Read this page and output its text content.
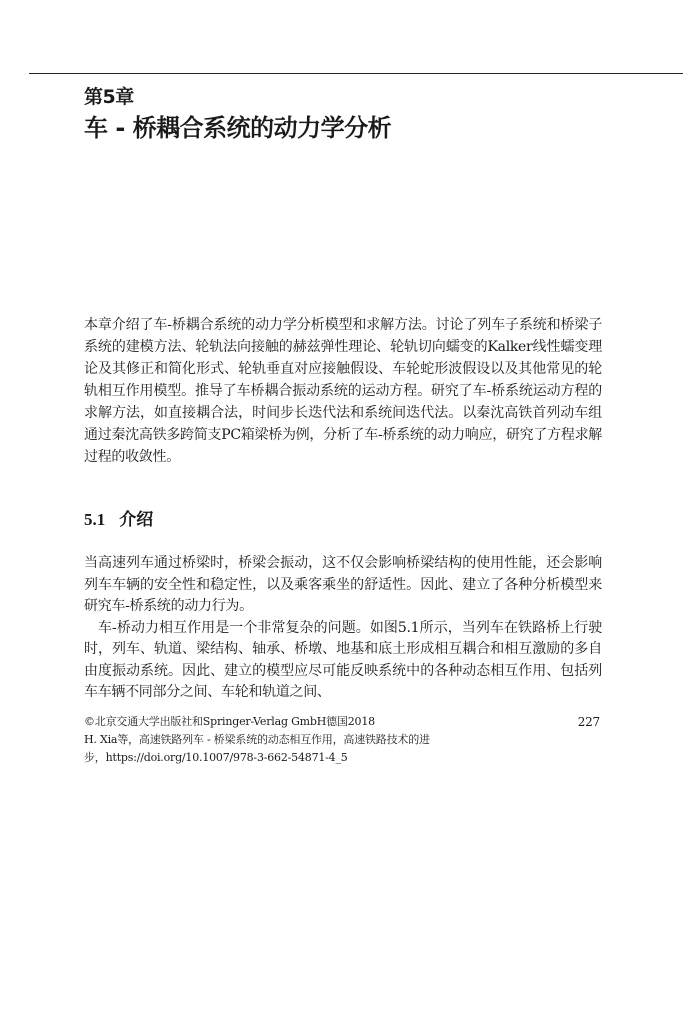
第5章
车 - 桥耦合系统的动力学分析

本章介绍了车-桥耦合系统的动力学分析模型和求解方法。讨论了列车子系统和桥梁子系统的建模方法、轮轨法向接触的赫兹弹性理论、轮轨切向蠕变的Kalker线性蠕变理论及其修正和简化形式、轮轨垂直对应接触假设、车轮蛇形波假设以及其他常见的轮轨相互作用模型。推导了车桥耦合振动系统的运动方程。研究了车-桥系统运动方程的求解方法，如直接耦合法，时间步长迭代法和系统间迭代法。以秦沈高铁首列动车组通过秦沈高铁多跨简支PC箱梁桥为例，分析了车-桥系统的动力响应，研究了方程求解过程的收敛性。

5.1 介绍

当高速列车通过桥梁时，桥梁会振动，这不仅会影响桥梁结构的使用性能，还会影响列车车辆的安全性和稳定性，以及乘客乘坐的舒适性。因此、建立了各种分析模型来研究车-桥系统的动力行为。

车-桥动力相互作用是一个非常复杂的问题。如图5.1所示，当列车在铁路桥上行驶时，列车、轨道、梁结构、轴承、桥墩、地基和底土形成相互耦合和相互激励的多自由度振动系统。因此、建立的模型应尽可能反映系统中的各种动态相互作用、包括列车车辆不同部分之间、车轮和轨道之间、

©北京交通大学出版社和Springer-Verlag GmbH德国2018	227
H. Xia等，高速铁路列车 - 桥梁系统的动态相互作用，高速铁路技术的进
步，https://doi.org/10.1007/978-3-662-54871-4_5
